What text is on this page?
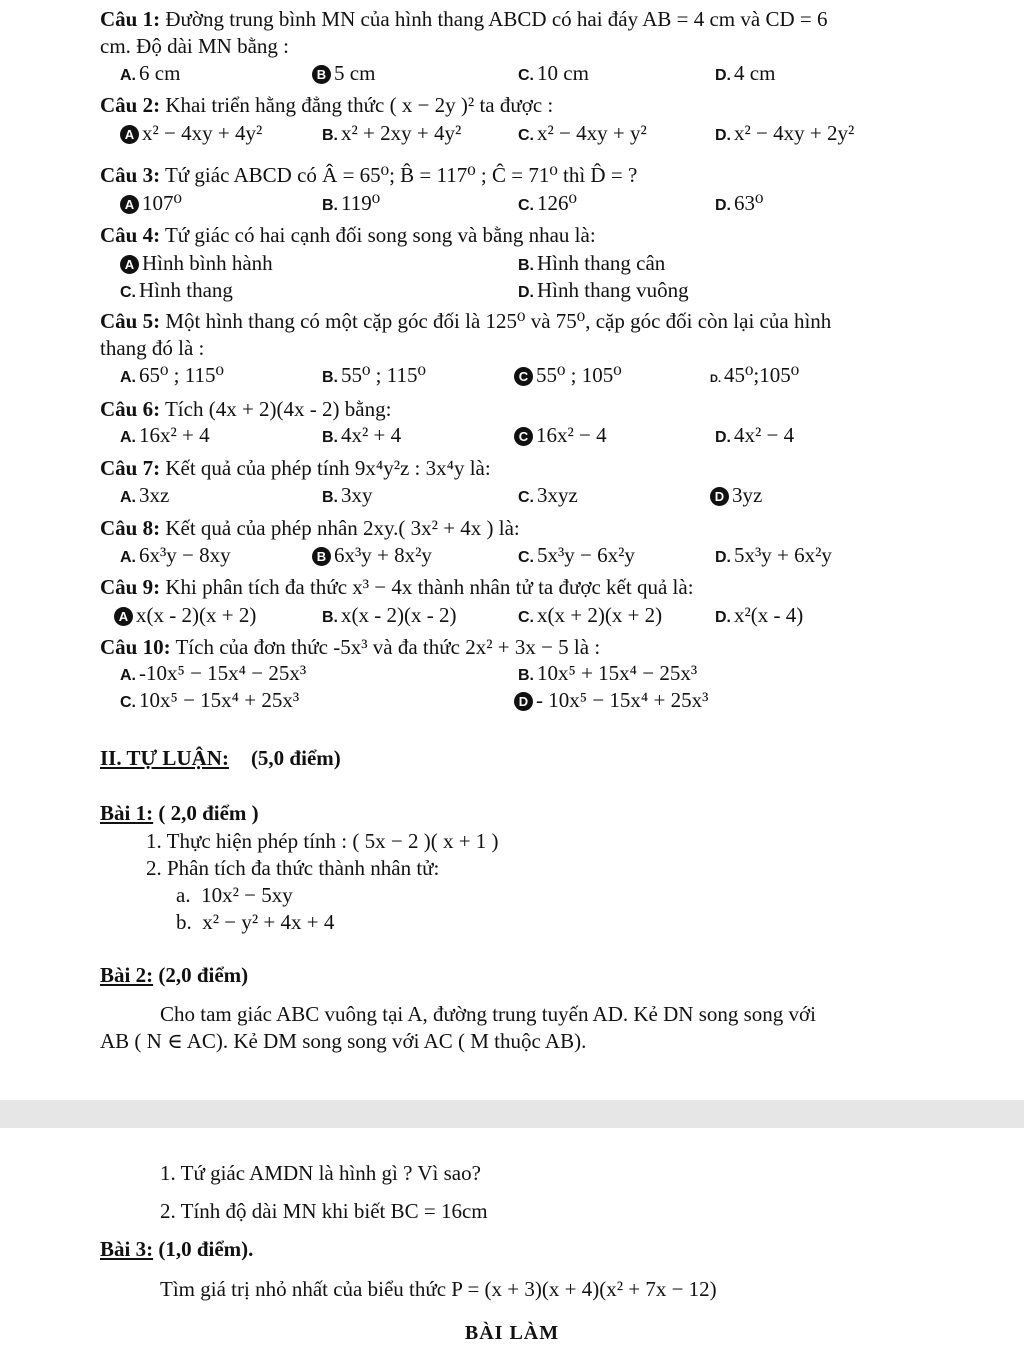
Câu 1: Đường trung bình MN của hình thang ABCD có hai đáy AB = 4 cm và CD = 6
cm. Độ dài MN bằng :
A. 6 cm	B 5 cm	C. 10 cm	D. 4 cm
Câu 2: Khai triển hằng đẳng thức ( x − 2y )² ta được :
A x² − 4xy + 4y²	B. x² + 2xy + 4y²	C. x² − 4xy + y²	D. x² − 4xy + 2y²
Câu 3: Tứ giác ABCD có Â = 65⁰; B̂ = 117⁰ ; Ĉ = 71⁰ thì D̂ = ?
A 107⁰	B. 119⁰	C. 126⁰	D. 63⁰
Câu 4: Tứ giác có hai cạnh đối song song và bằng nhau là:
A Hình bình hành	B. Hình thang cân
C. Hình thang	D. Hình thang vuông
Câu 5: Một hình thang có một cặp góc đối là 125⁰ và 75⁰, cặp góc đối còn lại của hình
thang đó là :
A. 65⁰ ; 115⁰	B. 55⁰ ; 115⁰	C 55⁰ ; 105⁰	D. 45⁰;105⁰
Câu 6: Tích (4x + 2)(4x - 2) bằng:
A. 16x² + 4	B. 4x² + 4	C 16x² − 4	D. 4x² − 4
Câu 7: Kết quả của phép tính 9x⁴y²z : 3x⁴y là:
A. 3xz	B. 3xy	C. 3xyz	D 3yz
Câu 8: Kết quả của phép nhân 2xy.( 3x² + 4x ) là:
A. 6x³y − 8xy	B 6x³y + 8x²y	C. 5x³y − 6x²y	D. 5x³y + 6x²y
Câu 9: Khi phân tích đa thức x³ − 4x thành nhân tử ta được kết quả là:
A x(x - 2)(x + 2)	B. x(x - 2)(x - 2)	C. x(x + 2)(x + 2)	D. x²(x - 4)
Câu 10: Tích của đơn thức -5x³ và đa thức 2x² + 3x − 5 là :
A. -10x⁵ − 15x⁴ − 25x³	B. 10x⁵ + 15x⁴ − 25x³
C. 10x⁵ − 15x⁴ + 25x³	D - 10x⁵ − 15x⁴ + 25x³
II. TỰ LUẬN: (5,0 điểm)
Bài 1: ( 2,0 điểm )
1. Thực hiện phép tính : ( 5x − 2 )( x + 1 )
2. Phân tích đa thức thành nhân tử:
a. 10x² − 5xy
b. x² − y² + 4x + 4
Bài 2: (2,0 điểm)
Cho tam giác ABC vuông tại A, đường trung tuyến AD. Kẻ DN song song với
AB ( N ∈ AC). Kẻ DM song song với AC ( M thuộc AB).
1. Tứ giác AMDN là hình gì ? Vì sao?
2. Tính độ dài MN khi biết BC = 16cm
Bài 3: (1,0 điểm).
Tìm giá trị nhỏ nhất của biểu thức P = (x + 3)(x + 4)(x² + 7x − 12)
BÀI LÀM
